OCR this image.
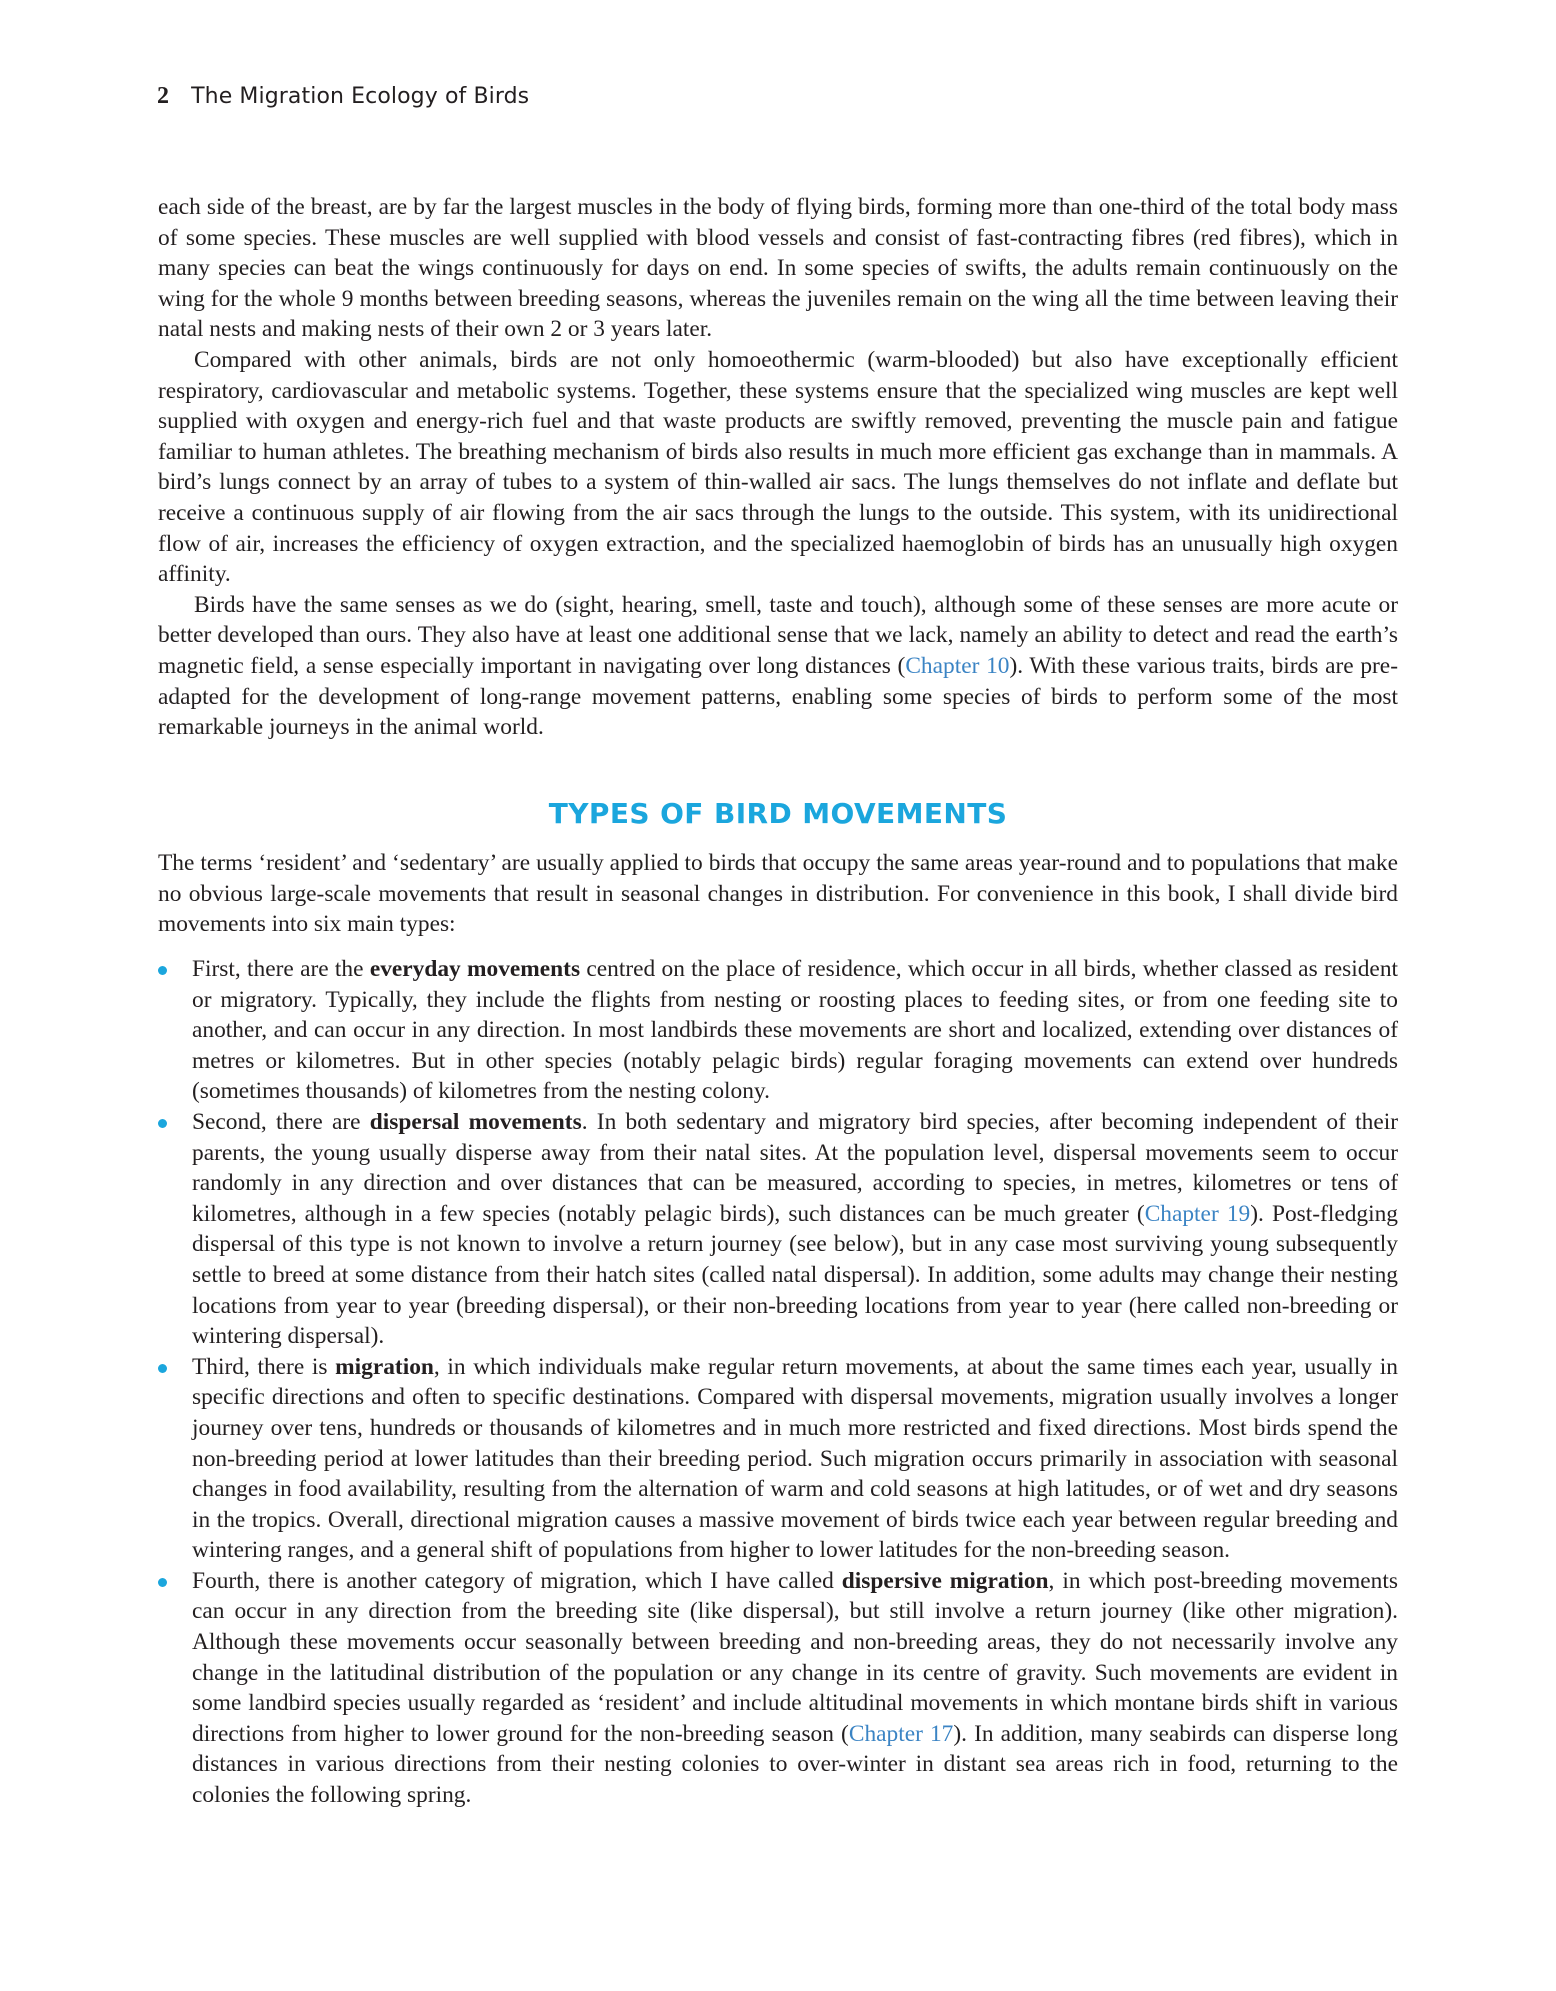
2 The Migration Ecology of Birds

each side of the breast, are by far the largest muscles in the body of flying birds, forming more than one-third of the total body mass of some species. These muscles are well supplied with blood vessels and consist of fast-contracting fibres (red fibres), which in many species can beat the wings continuously for days on end. In some species of swifts, the adults remain continuously on the wing for the whole 9 months between breeding seasons, whereas the juveniles remain on the wing all the time between leaving their natal nests and making nests of their own 2 or 3 years later.

Compared with other animals, birds are not only homoeothermic (warm-blooded) but also have exceptionally efficient respiratory, cardiovascular and metabolic systems. Together, these systems ensure that the specialized wing muscles are kept well supplied with oxygen and energy-rich fuel and that waste products are swiftly removed, preventing the muscle pain and fatigue familiar to human athletes. The breathing mechanism of birds also results in much more efficient gas exchange than in mammals. A bird’s lungs connect by an array of tubes to a system of thin-walled air sacs. The lungs themselves do not inflate and deflate but receive a continuous supply of air flowing from the air sacs through the lungs to the outside. This system, with its unidirectional flow of air, increases the efficiency of oxygen extraction, and the specialized haemoglobin of birds has an unusually high oxygen affinity.

Birds have the same senses as we do (sight, hearing, smell, taste and touch), although some of these senses are more acute or better developed than ours. They also have at least one additional sense that we lack, namely an ability to detect and read the earth’s magnetic field, a sense especially important in navigating over long distances (Chapter 10). With these various traits, birds are pre-adapted for the development of long-range movement patterns, enabling some species of birds to perform some of the most remarkable journeys in the animal world.

TYPES OF BIRD MOVEMENTS

The terms ‘resident’ and ‘sedentary’ are usually applied to birds that occupy the same areas year-round and to populations that make no obvious large-scale movements that result in seasonal changes in distribution. For convenience in this book, I shall divide bird movements into six main types:

First, there are the everyday movements centred on the place of residence, which occur in all birds, whether classed as resident or migratory. Typically, they include the flights from nesting or roosting places to feeding sites, or from one feeding site to another, and can occur in any direction. In most landbirds these movements are short and localized, extending over distances of metres or kilometres. But in other species (notably pelagic birds) regular foraging movements can extend over hundreds (sometimes thousands) of kilometres from the nesting colony.
Second, there are dispersal movements. In both sedentary and migratory bird species, after becoming independent of their parents, the young usually disperse away from their natal sites. At the population level, dispersal movements seem to occur randomly in any direction and over distances that can be measured, according to species, in metres, kilometres or tens of kilometres, although in a few species (notably pelagic birds), such distances can be much greater (Chapter 19). Post-fledging dispersal of this type is not known to involve a return journey (see below), but in any case most surviving young subsequently settle to breed at some distance from their hatch sites (called natal dispersal). In addition, some adults may change their nesting locations from year to year (breeding dispersal), or their non-breeding locations from year to year (here called non-breeding or wintering dispersal).
Third, there is migration, in which individuals make regular return movements, at about the same times each year, usually in specific directions and often to specific destinations. Compared with dispersal movements, migration usually involves a longer journey over tens, hundreds or thousands of kilometres and in much more restricted and fixed directions. Most birds spend the non-breeding period at lower latitudes than their breeding period. Such migration occurs primarily in association with seasonal changes in food availability, resulting from the alternation of warm and cold seasons at high latitudes, or of wet and dry seasons in the tropics. Overall, directional migration causes a massive movement of birds twice each year between regular breeding and wintering ranges, and a general shift of populations from higher to lower latitudes for the non-breeding season.
Fourth, there is another category of migration, which I have called dispersive migration, in which post-breeding movements can occur in any direction from the breeding site (like dispersal), but still involve a return journey (like other migration). Although these movements occur seasonally between breeding and non-breeding areas, they do not necessarily involve any change in the latitudinal distribution of the population or any change in its centre of gravity. Such movements are evident in some landbird species usually regarded as ‘resident’ and include altitudinal movements in which montane birds shift in various directions from higher to lower ground for the non-breeding season (Chapter 17). In addition, many seabirds can disperse long distances in various directions from their nesting colonies to over-winter in distant sea areas rich in food, returning to the colonies the following spring.
